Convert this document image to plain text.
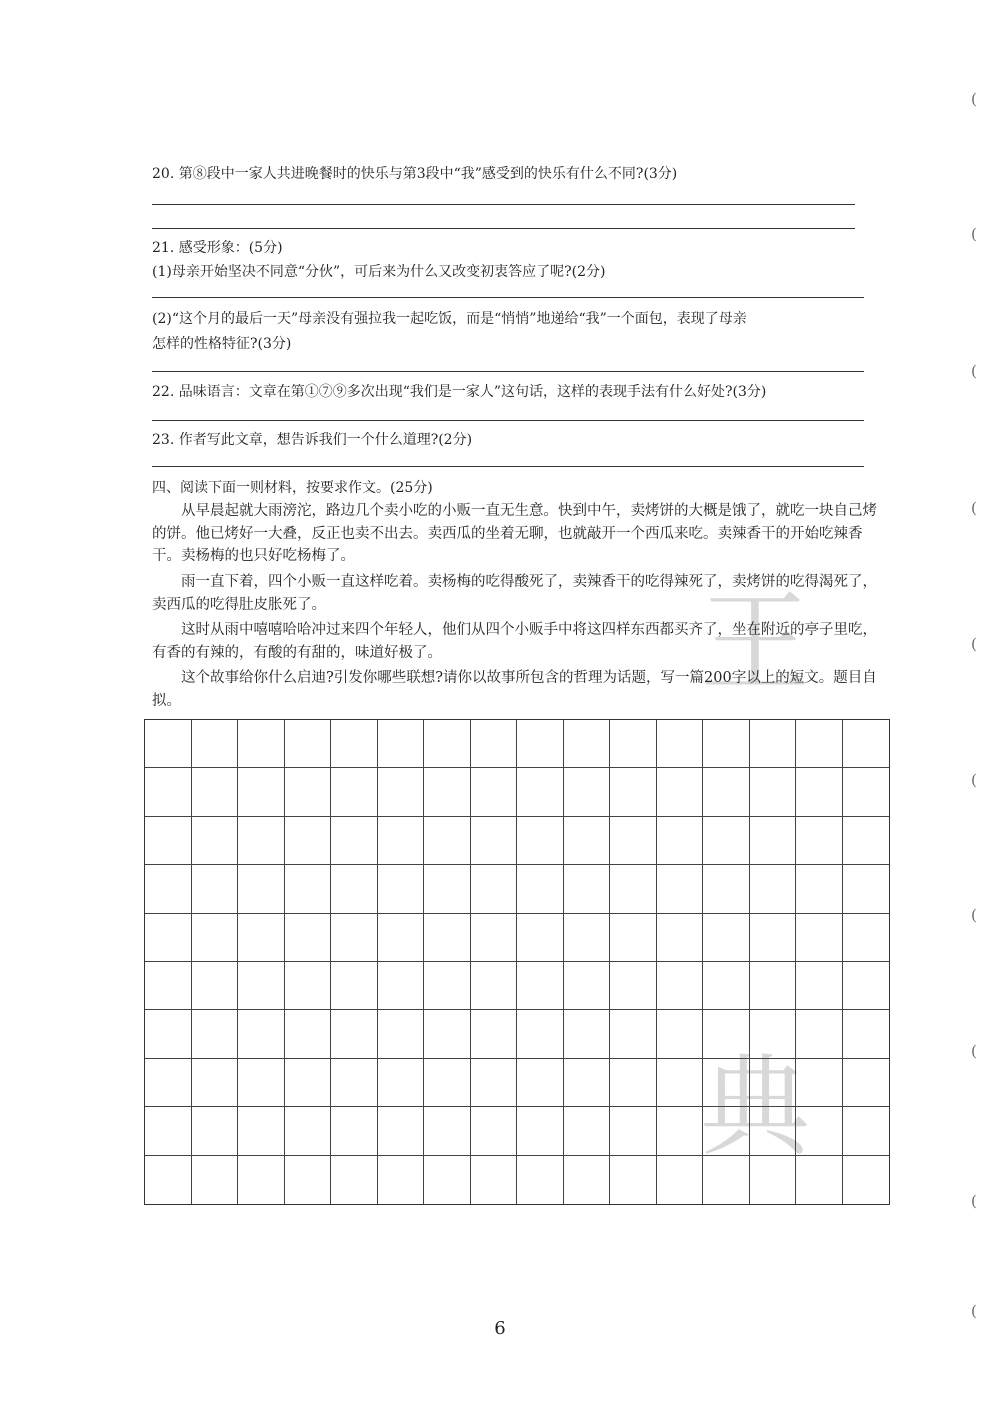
王
典
20. 第⑧段中一家人共进晚餐时的快乐与第3段中“我”感受到的快乐有什么不同?(3分)
21. 感受形象：(5分)
(1)母亲开始坚决不同意“分伙”，可后来为什么又改变初衷答应了呢?(2分)
(2)“这个月的最后一天”母亲没有强拉我一起吃饭，而是“悄悄”地递给“我”一个面包，表现了母亲
怎样的性格特征?(3分)
22. 品味语言：文章在第①⑦⑨多次出现“我们是一家人”这句话，这样的表现手法有什么好处?(3分)
23. 作者写此文章，想告诉我们一个什么道理?(2分)
四、阅读下面一则材料，按要求作文。(25分)
从早晨起就大雨滂沱，路边几个卖小吃的小贩一直无生意。快到中午，卖烤饼的大概是饿了，就吃一块自己烤的饼。他已烤好一大叠，反正也卖不出去。卖西瓜的坐着无聊，也就敲开一个西瓜来吃。卖辣香干的开始吃辣香干。卖杨梅的也只好吃杨梅了。
雨一直下着，四个小贩一直这样吃着。卖杨梅的吃得酸死了，卖辣香干的吃得辣死了，卖烤饼的吃得渴死了，卖西瓜的吃得肚皮胀死了。
这时从雨中嘻嘻哈哈冲过来四个年轻人，他们从四个小贩手中将这四样东西都买齐了，坐在附近的亭子里吃，有香的有辣的，有酸的有甜的，味道好极了。
这个故事给你什么启迪?引发你哪些联想?请你以故事所包含的哲理为话题，写一篇200字以上的短文。题目自拟。
6
(
(
(
(
(
(
(
(
(
(
